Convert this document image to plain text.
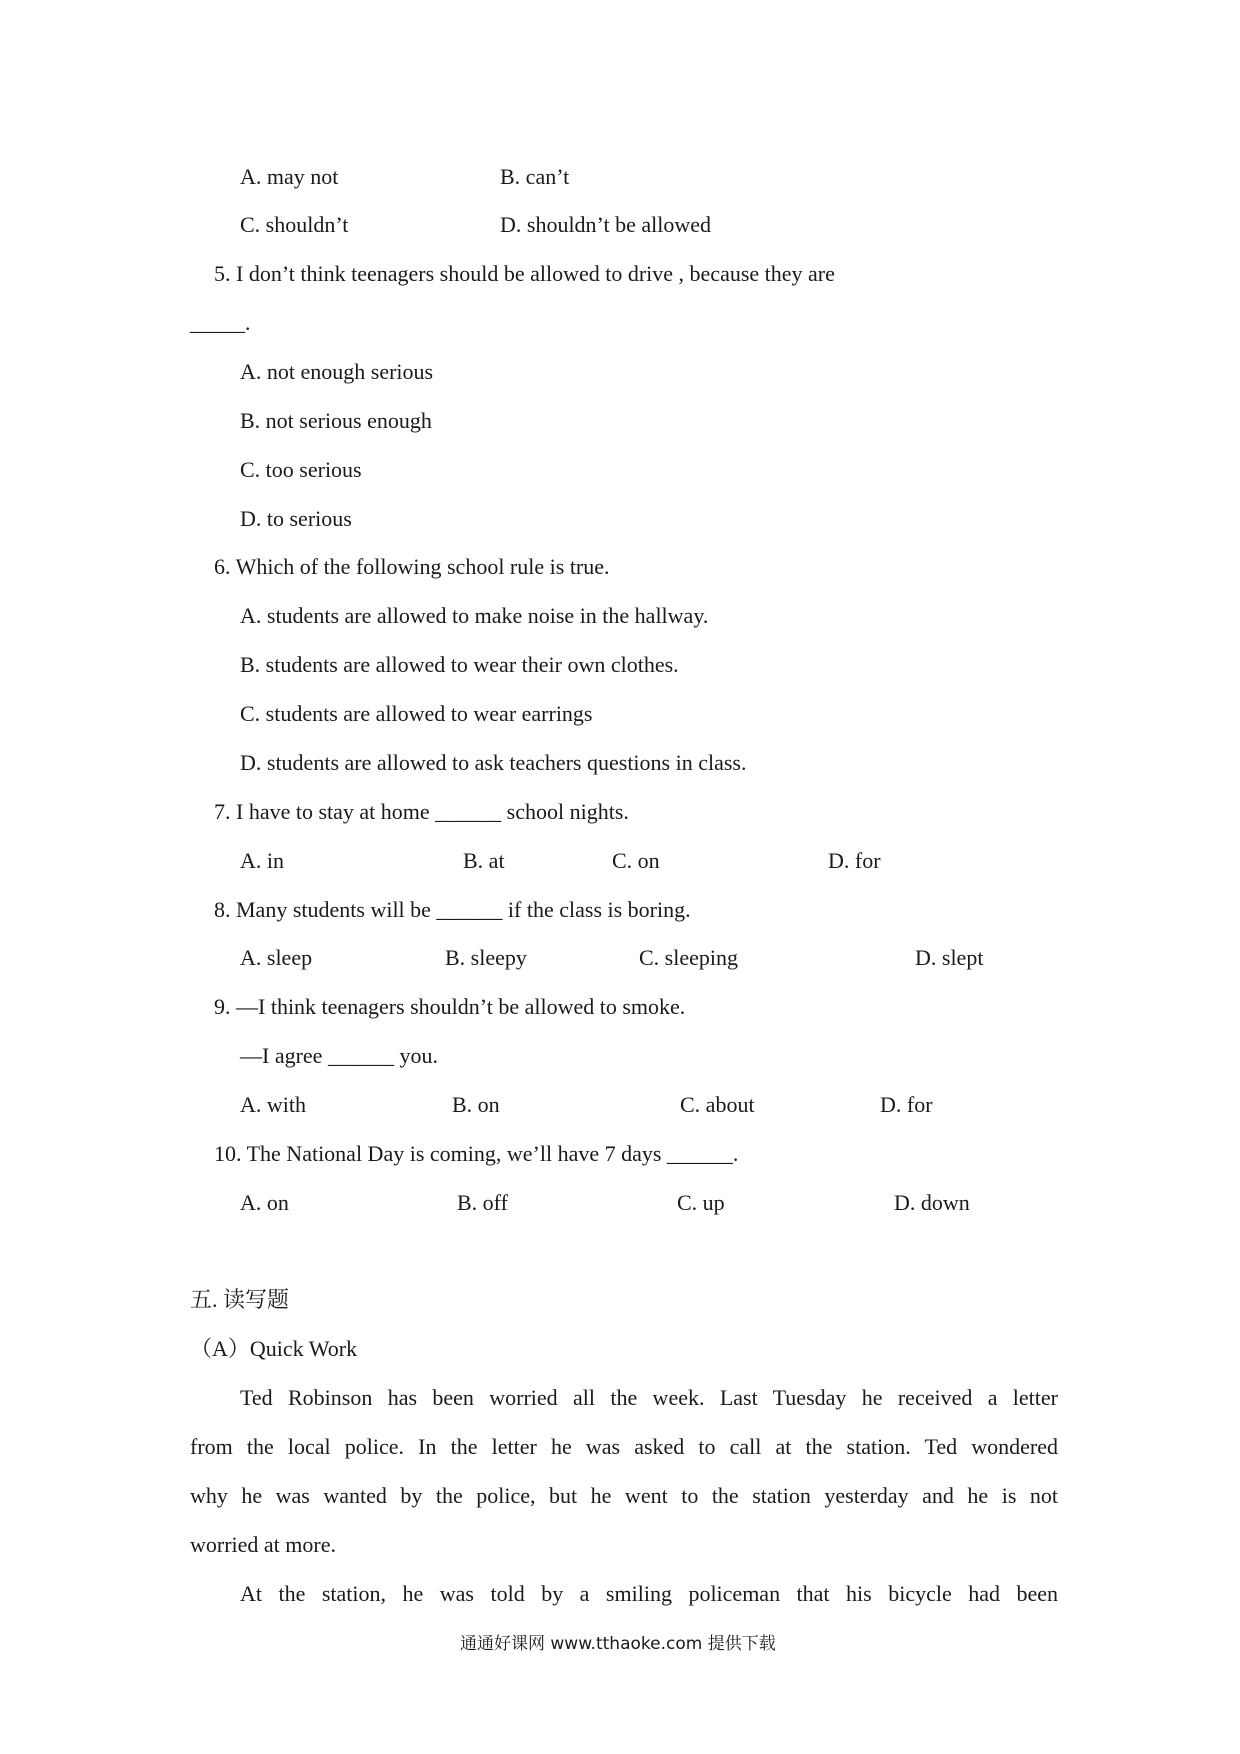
A. may not	B. can’t
C. shouldn’t	D. shouldn’t be allowed
5. I don’t think teenagers should be allowed to drive , because they are
_____.
A. not enough serious
B. not serious enough
C. too serious
D. to serious
6. Which of the following school rule is true.
A. students are allowed to make noise in the hallway.
B. students are allowed to wear their own clothes.
C. students are allowed to wear earrings
D. students are allowed to ask teachers questions in class.
7. I have to stay at home ______ school nights.
A. in	B. at	C. on	D. for
8. Many students will be ______ if the class is boring.
A. sleep	B. sleepy	C. sleeping	D. slept
9. —I think teenagers shouldn’t be allowed to smoke.
—I agree ______ you.
A. with	B. on	C. about	D. for
10. The National Day is coming, we’ll have 7 days ______.
A. on	B. off	C. up	D. down
五. 读写题
（A）Quick Work
Ted Robinson has been worried all the week. Last Tuesday he received a letter
from the local police. In the letter he was asked to call at the station. Ted wondered
why he was wanted by the police, but he went to the station yesterday and he is not
worried at more.
At the station, he was told by a smiling policeman that his bicycle had been
通通好课网 www.tthaoke.com 提供下载
